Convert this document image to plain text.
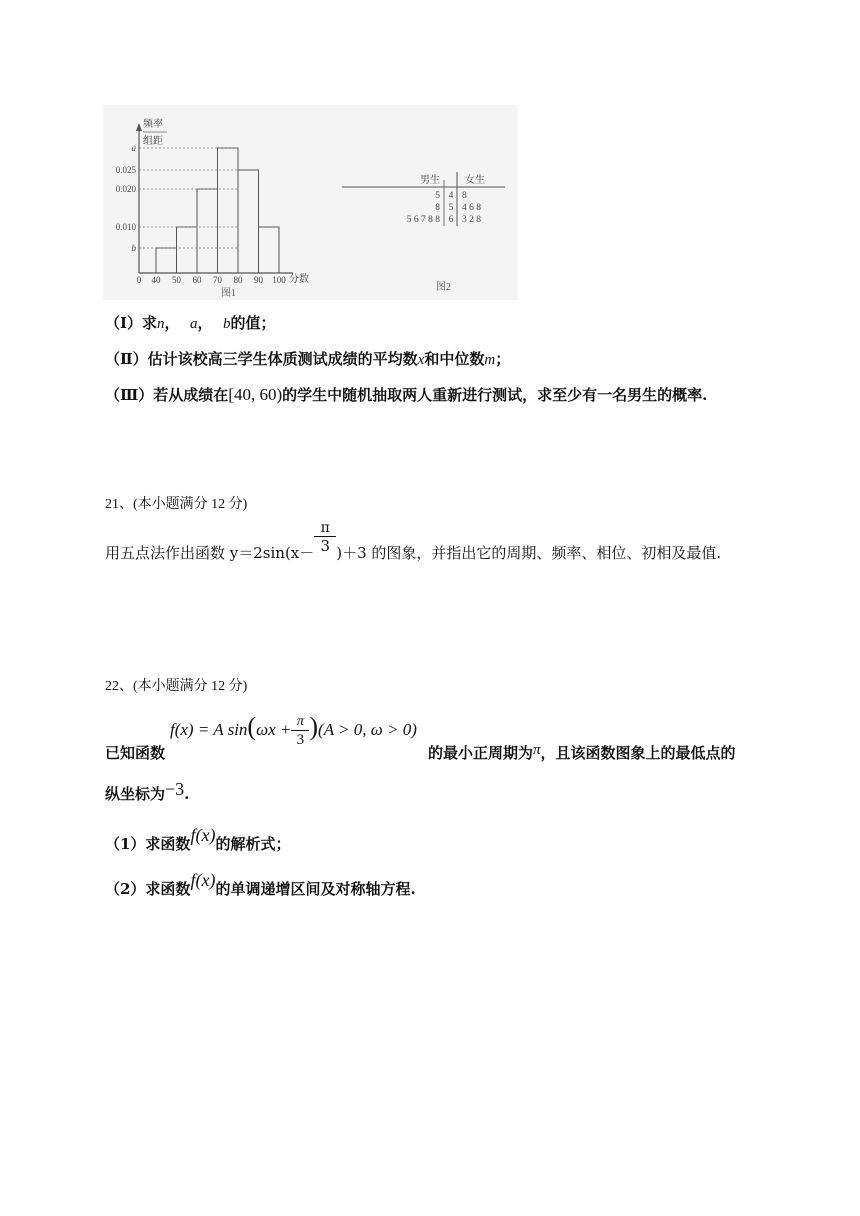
频率
组距
a
0.025
0.020
0.010
b
0 40 50 60 70 80 90 100 分数
图1
男生	女生
5 4 8
8 5 4 6 8
5 6 7 8 8 6 3 2 8
图2
（Ⅰ）求n，  a，  b的值；
（Ⅱ）估计该校高三学生体质测试成绩的平均数x和中位数m；
（Ⅲ）若从成绩在[40, 60)的学生中随机抽取两人重新进行测试，求至少有一名男生的概率.
21、(本小题满分 12 分)
用五点法作出函数 $y=2\sin(x- \frac{\pi}{3} )+3$ 的图象，并指出它的周期、频率、相位、初相及最值.
22、(本小题满分 12 分)
已知函数
f(x) = A $\sin(\omega x + \frac{\pi}{3} )(A > 0$, ω > 0)
的最小正周期为π，且该函数图象上的最低点的
纵坐标为−3.
（1）求函数f(x)的解析式；
（2）求函数f(x)的单调递增区间及对称轴方程.
